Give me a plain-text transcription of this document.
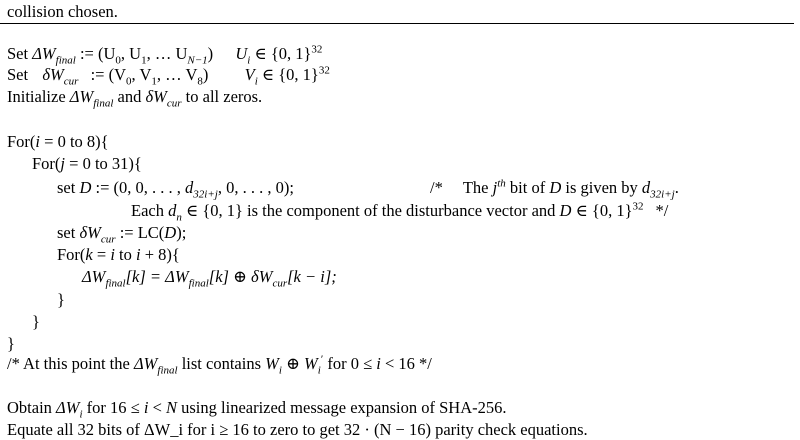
collision chosen.
Set $\Delta W_{final}$ := ($U_0$, $U_1$, … $U_{N-1}$) $U_i$ ∈ {0, 1}$^{32}$
Set $\delta W_{cur}$ := ($V_0$, $V_1$, … $V_8$) $V_i$ ∈ {0, 1}$^{32}$
Initialize $\Delta W_{final}$ and $\delta W_{cur}$ to all zeros.
For(i = 0 to 8){
For(j = 0 to 31){
set D := (0, 0, . . . , $d_{32i+j}$, 0, . . . , 0);	/* The $j^{th}$ bit of D is given by $d_{32i+j}$.
Each $d_n$ ∈ {0, 1} is the component of the disturbance vector and D ∈ {0, 1}$^{32}$ */
set $\delta W_{cur}$ := LC(D);
For(k = i to i + 8){
$\Delta W_{final}[k] = \Delta W_{final}[k]$ ⊕ $\delta W_{cur}[k - i]$;
}
}
}
/* At this point the $\Delta W_{final}$ list contains $W_i$ ⊕ $W_i'$ for 0 ≤ i < 16 */
Obtain $\Delta W_i$ for 16 ≤ i < N using linearized message expansion of SHA-256.
Equate all 32 bits of ΔW_i for i ≥ 16 to zero to get 32 · (N − 16) parity check equations.
